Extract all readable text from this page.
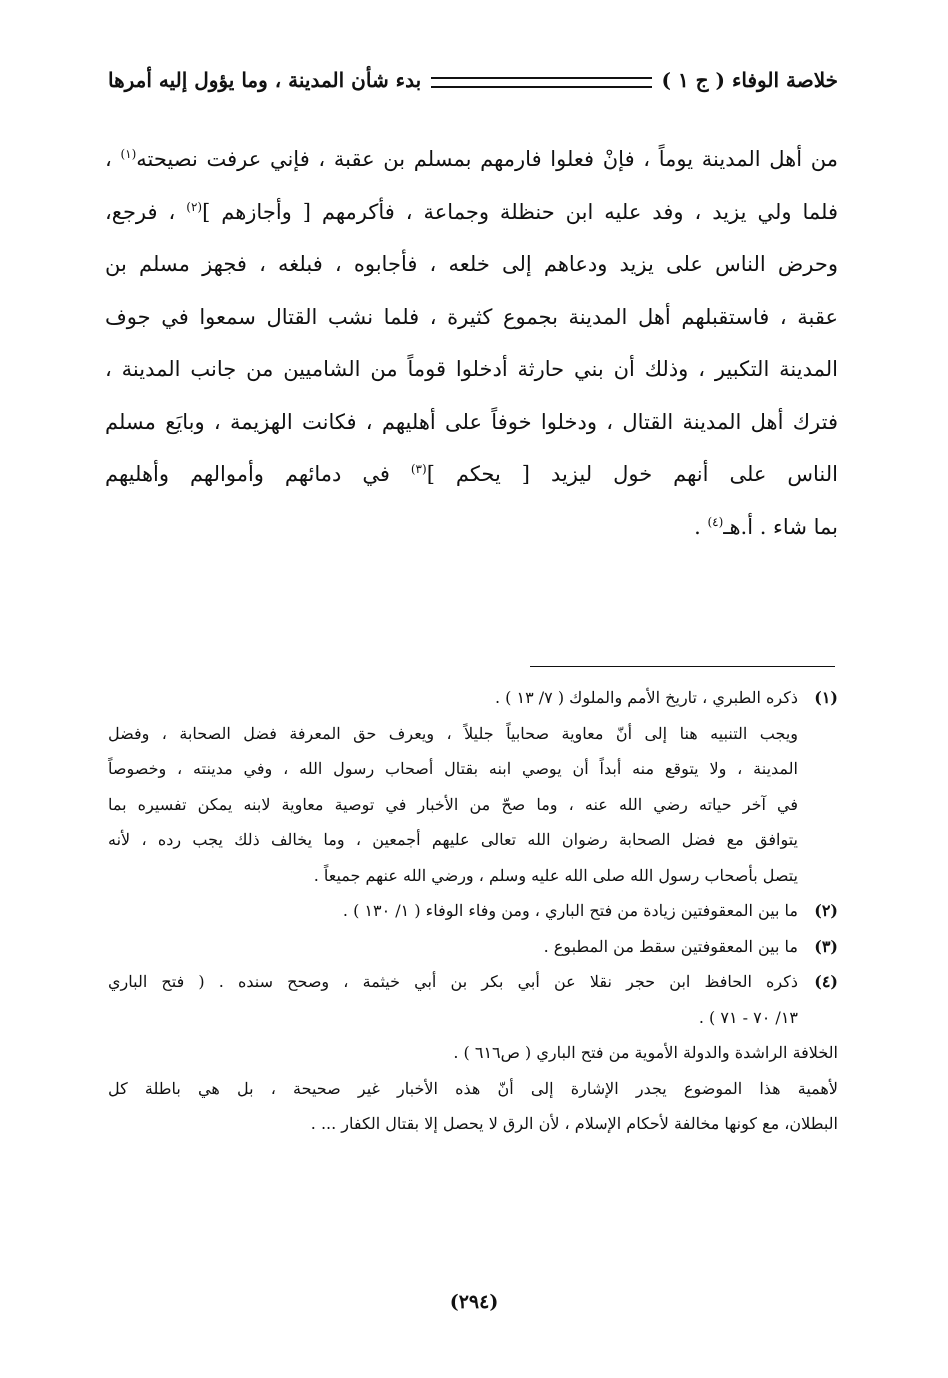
خلاصة الوفاء ( ج ١ )
بدء شأن المدينة ، وما يؤول إليه أمرها
من أهل المدينة يوماً ، فإنْ فعلوا فارمهم بمسلم بن عقبة ، فإني عرفت نصيحته$^{(١)}$ ،
فلما ولي يزيد ، وفد عليه ابن حنظلة وجماعة ، فأكرمهم [ وأجازهم ]$^{(٢)}$ ، فرجع،
وحرض الناس على يزيد ودعاهم إلى خلعه ، فأجابوه ، فبلغه ، فجهز مسلم بن
عقبة ، فاستقبلهم أهل المدينة بجموع كثيرة ، فلما نشب القتال سمعوا في جوف
المدينة التكبير ، وذلك أن بني حارثة أدخلوا قوماً من الشاميين من جانب المدينة ،
فترك أهل المدينة القتال ، ودخلوا خوفاً على أهليهم ، فكانت الهزيمة ، وبايَع مسلم
الناس على أنهم خول ليزيد [ يحكم ]$^{(٣)}$ في دمائهم وأموالهم وأهليهم
بما شاء . أ.هـ$^{(٤)}$ .
(١)ذكره الطبري ، تاريخ الأمم والملوك ( ٧/ ١٣ ) .
ويجب التنبيه هنا إلى أنّ معاوية صحابياً جليلاً ، ويعرف حق المعرفة فضل الصحابة ، وفضل
المدينة ، ولا يتوقع منه أبداً أن يوصي ابنه بقتال أصحاب رسول الله ، وفي مدينته ، وخصوصاً
في آخر حياته رضي الله عنه ، وما صحّ من الأخبار في توصية معاوية لابنه يمكن تفسيره بما
يتوافق مع فضل الصحابة رضوان الله تعالى عليهم أجمعين ، وما يخالف ذلك يجب رده ، لأنه
يتصل بأصحاب رسول الله صلى الله عليه وسلم ، ورضي الله عنهم جميعاً .
(٢)ما بين المعقوفتين زيادة من فتح الباري ، ومن وفاء الوفاء ( ١/ ١٣٠ ) .
(٣)ما بين المعقوفتين سقط من المطبوع .
(٤)ذكره الحافظ ابن حجر نقلا عن أبي بكر بن أبي خيثمة ، وصحح سنده . ( فتح الباري
١٣/ ٧٠ - ٧١ ) .
الخلافة الراشدة والدولة الأموية من فتح الباري ( ص٦١٦ ) .
لأهمية هذا الموضوع يجدر الإشارة إلى أنّ هذه الأخبار غير صحيحة ، بل هي باطلة كل
البطلان، مع كونها مخالفة لأحكام الإسلام ، لأن الرق لا يحصل إلا بقتال الكفار ... .
(٢٩٤)
